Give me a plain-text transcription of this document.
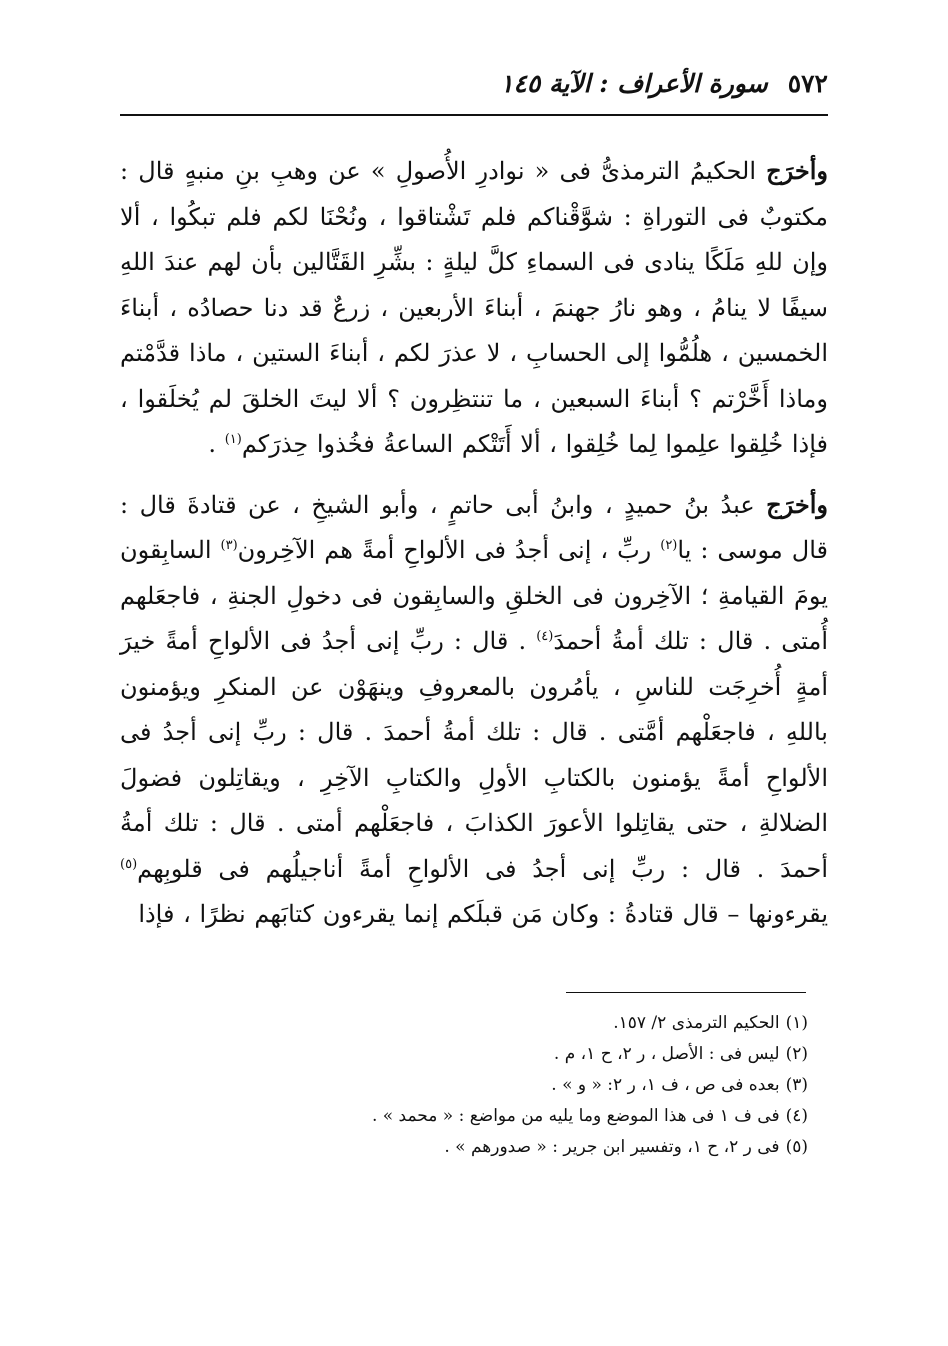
٥٧٢
سورة الأعراف : الآية ١٤٥

وأخرَج الحكيمُ الترمذىُّ فى « نوادرِ الأُصولِ » عن وهبِ بنِ منبهٍ قال : مكتوبٌ فى التوراةِ : شوَّقْناكم فلم تَشْتاقوا ، ونُحْنَا لكم فلم تبكُوا ، ألا وإن للهِ مَلَكًا ينادى فى السماءِ كلَّ ليلةٍ : بشِّرِ القَتَّالين بأن لهم عندَ اللهِ سيفًا لا ينامُ ، وهو نارُ جهنمَ ، أبناءَ الأربعين ، زرعٌ قد دنا حصادُه ، أبناءَ الخمسين ، هلُمُّوا إلى الحسابِ ، لا عذرَ لكم ، أبناءَ الستين ، ماذا قدَّمْتم وماذا أَخَّرْتم ؟ أبناءَ السبعين ، ما تنتظِرون ؟ ألا ليتَ الخلقَ لم يُخلَقوا ، فإذا خُلِقوا علِموا لِما خُلِقوا ، ألا أَتَتْكم الساعةُ فخُذوا حِذرَكم$^{(١)}$ .

وأخرَج عبدُ بنُ حميدٍ ، وابنُ أبى حاتمٍ ، وأبو الشيخِ ، عن قتادةَ قال : قال موسى : يا$^{(٢)}$ ربِّ ، إنى أجدُ فى الألواحِ أمةً هم الآخِرون$^{(٣)}$ السابِقون يومَ القيامةِ ؛ الآخِرون فى الخلقِ والسابِقون فى دخولِ الجنةِ ، فاجعَلهم أُمتى . قال : تلك أمةُ أحمدَ$^{(٤)}$ . قال : ربِّ إنى أجدُ فى الألواحِ أمةً خيرَ أمةٍ أُخرِجَت للناسِ ، يأمُرون بالمعروفِ وينهَوْن عن المنكرِ ويؤمنون باللهِ ، فاجعَلْهم أمَّتى . قال : تلك أمةُ أحمدَ . قال : ربِّ إنى أجدُ فى الألواحِ أمةً يؤمنون بالكتابِ الأولِ والكتابِ الآخِرِ ، ويقاتِلون فضولَ الضلالةِ ، حتى يقاتِلوا الأعورَ الكذابَ ، فاجعَلْهم أمتى . قال : تلك أمةُ أحمدَ . قال : ربِّ إنى أجدُ فى الألواحِ أمةً أناجيلُهم فى قلوبِهم$^{(٥)}$ يقرءونها – قال قتادةُ : وكان مَن قبلَكم إنما يقرءون كتابَهم نظرًا ، فإذا

(١)الحكيم الترمذى ٢/ ١٥٧.
(٢)ليس فى : الأصل ، ر ٢، ح ١، م .
(٣)بعده فى ص ، ف ١، ر ٢: « و » .
(٤)فى ف ١ فى هذا الموضع وما يليه من مواضع : « محمد » .
(٥)فى ر ٢، ح ١، وتفسير ابن جرير : « صدورهم » .
